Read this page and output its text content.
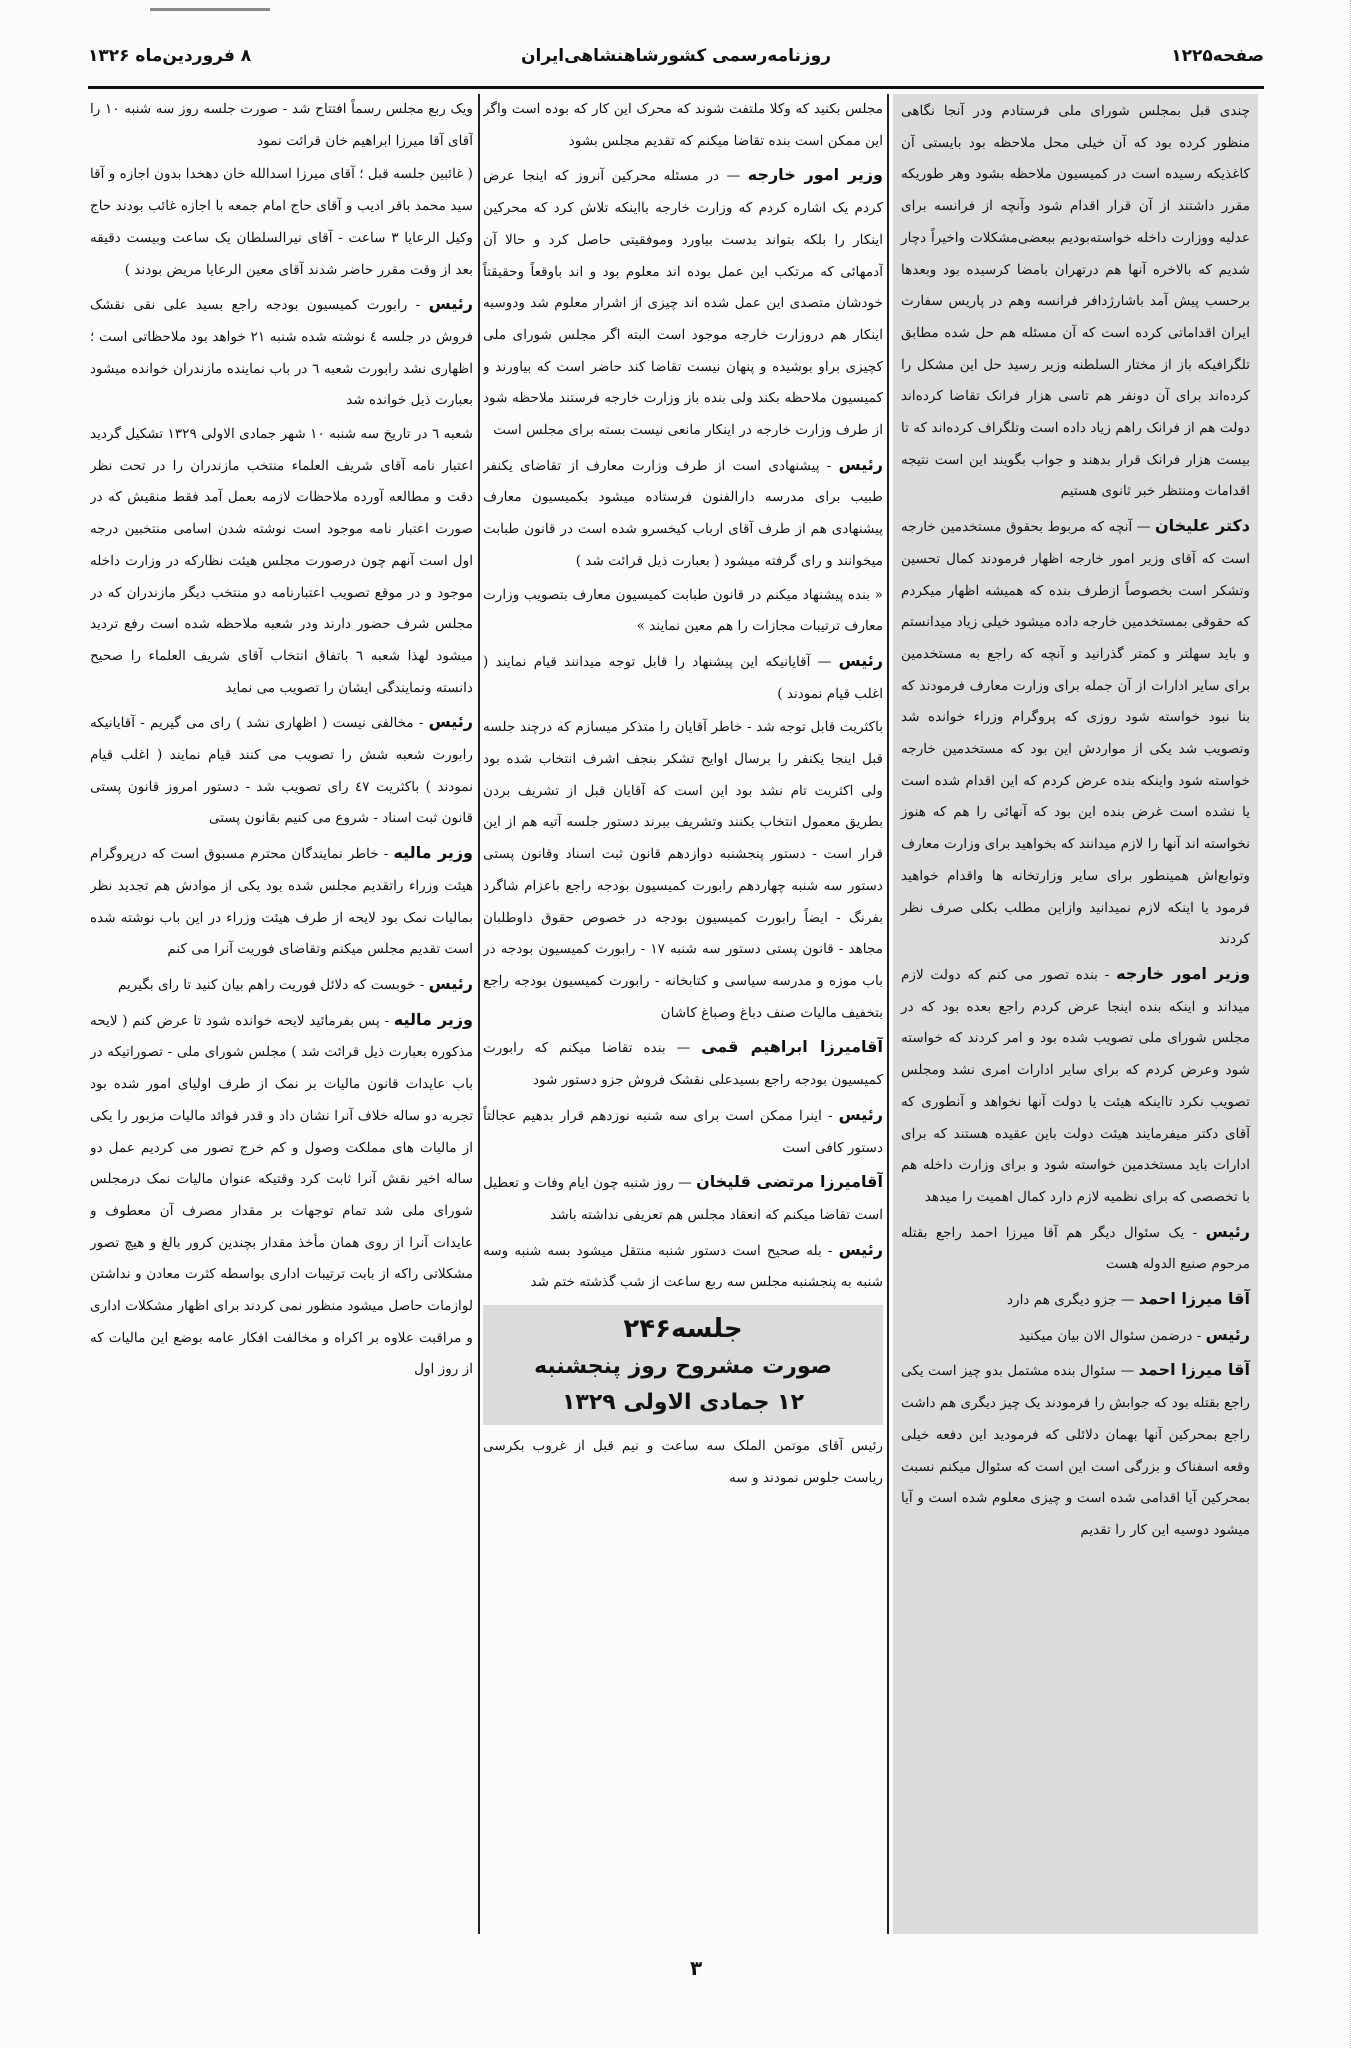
صفحه۱۲۲۵
روزنامه‌رسمی کشورشاهنشاهی‌ایران
۸ فروردین‌ماه ۱۳۲۶
چندی قبل بمجلس شورای ملی فرستادم ودر آنجا نگاهی منظور کرده بود که آن خیلی محل ملاحظه بود بایستی آن کاغذیکه رسیده است در کمیسیون ملاحظه بشود وهر طوریکه مقرر داشتند از آن قرار اقدام شود وآنچه از فرانسه برای عدلیه ووزارت داخله خواسته‌بودیم ببعضی‌مشکلات واخیراً دچار شدیم که بالاخره آنها هم درتهران بامضا کرسیده بود وبعدها برحسب پیش آمد باشارژدافر فرانسه وهم در پاریس سفارت ایران اقداماتی کرده است که آن مسئله هم حل شده مطابق تلگرافیکه باز از مختار السلطنه وزیر رسید حل این مشکل را کرده‌اند برای آن دونفر هم تاسی هزار فرانک تقاضا کرده‌اند دولت هم از فرانک راهم زیاد داده است وتلگراف کرده‌اند که تا بیست هزار فرانک قرار بدهند و جواب بگویند این است نتیجه اقدامات ومنتظر خبر ثانوی هستیم
دکتر علیخان — آنچه که مربوط بحقوق مستخدمین خارجه است که آقای وزیر امور خارجه اظهار فرمودند کمال تحسین وتشکر است بخصوصاً ازطرف بنده که همیشه اظهار میکردم که حقوقی بمستخدمین خارجه داده میشود خیلی زیاد میدانستم و باید سهلتر و کمتر گذرانید و آنچه که راجع به مستخدمین برای سایر ادارات از آن جمله برای وزارت معارف فرمودند که بنا نبود خواسته شود روزی که پروگرام وزراء خوانده شد وتصویب شد یکی از مواردش این بود که مستخدمین خارجه خواسته شود واینکه بنده عرض کردم که این اقدام شده است یا نشده است غرض بنده این بود که آنهائی را هم که هنوز نخواسته اند آنها را لازم میدانند که بخواهید برای وزارت معارف وتوابع‌اش همینطور برای سایر وزارتخانه ها واقدام خواهید فرمود یا اینکه لازم نمیدانید وازاین مطلب بکلی صرف نظر کردند
وزیر امور خارجه - بنده تصور می کنم که دولت لازم میداند و اینکه بنده اینجا عرض کردم راجع بعده بود که در مجلس شورای ملی تصویب شده بود و امر کردند که خواسته شود وعرض کردم که برای سایر ادارات امری نشد ومجلس تصویب نکرد تااینکه هیئت یا دولت آنها نخواهد و آنطوری که آقای دکتر میفرمایند هیئت دولت باین عقیده هستند که برای ادارات باید مستخدمین خواسته شود و برای وزارت داخله هم با تخصصی که برای نظمیه لازم دارد کمال اهمیت را میدهد
رئیس - یک سئوال دیگر هم آقا میرزا احمد راجع بقتله مرحوم صنیع الدوله هست
آقا میرزا احمد — جزو دیگری هم دارد
رئیس - درضمن سئوال الان بیان میکنید
آقا میرزا احمد — سئوال بنده مشتمل بدو چیز است یکی راجع بقتله بود که جوابش را فرمودند یک چیز دیگری هم داشت راجع بمحرکین آنها بهمان دلائلی که فرمودید این دفعه خیلی وقعه اسفناک و بزرگی است این است که سئوال میکنم نسبت بمحرکین آیا اقدامی شده است و چیزی معلوم شده است و آیا میشود دوسیه این کار را تقدیم
مجلس بکنید که وکلا ملتفت شوند که محرک این کار که بوده است واگر این ممکن است بنده تقاضا میکنم که تقدیم مجلس بشود
وزیر امور خارجه — در مسئله محرکین آنروز که اینجا عرض کردم یک اشاره کردم که وزارت خارجه بااینکه تلاش کرد که محرکین اینکار را بلکه بتواند بدست بیاورد وموفقیتی حاصل کرد و حالا آن آدمهائی که مرتکب این عمل بوده اند معلوم بود و اند باوقعاً وحقیقتاً خودشان متصدی این عمل شده اند چیزی از اشرار معلوم شد ودوسیه اینکار هم دروزارت خارجه موجود است البته اگر مجلس شورای ملی کچیزی براو بوشیده و پنهان نیست تقاضا کند حاضر است که بیاورند و کمیسیون ملاحظه بکند ولی بنده باز وزارت خارجه فرستند ملاحظه شود از طرف وزارت خارجه در اینکار مانعی نیست بسته برای مجلس است
رئیس - پیشنهادی است از طرف وزارت معارف از تقاضای یکنفر طبیب برای مدرسه دارالفنون فرستاده میشود بکمیسیون معارف پیشنهادی هم از طرف آقای ارباب کیخسرو شده است در قانون طبابت میخوانند و رای گرفته میشود ( بعبارت ذیل قرائت شد )
« بنده پیشنهاد میکنم در قانون طبابت کمیسیون معارف بتصویب وزارت معارف ترتیبات مجازات را هم معین نمایند »
رئیس — آقایانیکه این پیشنهاد را قابل توجه میدانند قیام نمایند ( اغلب قیام نمودند )
باکثریت قابل توجه شد - خاطر آقایان را متذکر میسازم که درچند جلسه قبل اینجا یکنفر را برسال اوایح تشکر بنجف اشرف انتخاب شده بود ولی اکثریت تام نشد بود این است که آقایان قبل از تشریف بردن بطریق معمول انتخاب بکنند وتشریف ببرند دستور جلسه آتیه هم از این قرار است - دستور پنجشنبه دوازدهم قانون ثبت اسناد وقانون پستی دستور سه شنبه چهاردهم رابورت کمیسیون بودجه راجع باعزام شاگرد بفرنگ - ایضاً رابورت کمیسیون بودجه در خصوص حقوق داوطلبان مجاهد - قانون پستی دستور سه شنبه ۱۷ - رابورت کمیسیون بودجه در باب موزه و مدرسه سیاسی و کتابخانه - رابورت کمیسیون بودجه راجع بتخفیف مالیات صنف دباغ وصباغ کاشان
آقامیرزا ابراهیم قمی — بنده تقاضا میکنم که رابورت کمیسیون بودجه راجع بسیدعلی نقشک فروش جزو دستور شود
رئیس - اینرا ممکن است برای سه شنبه نوزدهم قرار بدهیم عجالتاً دستور کافی است
آقامیرزا مرتضی قلیخان — روز شنبه چون ایام وفات و تعطیل است تقاضا میکنم که انعقاد مجلس هم تعریفی نداشته باشد
رئیس - بله صحیح است دستور شنبه منتقل میشود بسه شنبه وسه شنبه به پنجشنبه مجلس سه ربع ساعت از شب گذشته ختم شد
جلسه۲۴۶
صورت مشروح روز پنجشنبه
۱۲ جمادی الاولی ۱۳۲۹
رئیس آقای موتمن الملک سه ساعت و نیم قبل از غروب بکرسی ریاست جلوس نمودند و سه
ویک ربع مجلس رسماً افتتاح شد - صورت جلسه روز سه شنبه ۱۰ را آقای آقا میرزا ابراهیم خان قرائت نمود
( غائبین جلسه قبل ؛ آقای میرزا اسدالله خان دهخدا بدون اجازه و آقا سید محمد باقر ادیب و آقای حاج امام جمعه با اجازه غائب بودند حاج وکیل الرعایا ۳ ساعت - آقای نیرالسلطان یک ساعت وبیست دقیقه بعد از وقت مقرر حاضر شدند آقای معین الرعایا مریض بودند )
رئیس - رابورت کمیسیون بودجه راجع بسید علی نقی نقشک فروش در جلسه ٤ نوشته شده شنبه ۲۱ خواهد بود ملاحظاتی است ؛ اظهاری نشد رابورت شعبه ٦ در باب نماینده مازندران خوانده میشود بعبارت ذیل خوانده شد
شعبه ٦ در تاریخ سه شنبه ۱۰ شهر جمادی الاولی ۱۳۲۹ تشکیل گردید اعتبار نامه آقای شریف العلماء منتخب مازندران را در تحت نظر دقت و مطالعه آورده ملاحظات لازمه بعمل آمد فقط منقیش که در صورت اعتبار نامه موجود است نوشته شدن اسامی منتخبین درجه اول است آنهم چون درصورت مجلس هیئت نظارکه در وزارت داخله موجود و در موقع تصویب اعتبارنامه دو منتخب دیگر مازندران که در مجلس شرف حضور دارند ودر شعبه ملاحظه شده است رفع تردید میشود لهذا شعبه ٦ باتفاق انتخاب آقای شریف العلماء را صحیح دانسته ونمایندگی ایشان را تصویب می نماید
رئیس - مخالفی نیست ( اظهاری نشد ) رای می گیریم - آقایانیکه رابورت شعبه شش را تصویب می کنند قیام نمایند ( اغلب قیام نمودند ) باکثریت ٤۷ رای تصویب شد - دستور امروز قانون پستی قانون ثبت اسناد - شروع می کنیم بقانون پستی
وزیر مالیه - خاطر نمایندگان محترم مسبوق است که درپروگرام هیئت وزراء راتقدیم مجلس شده بود یکی از موادش هم تجدید نظر بمالیات نمک بود لایحه از طرف هیئت وزراء در این باب نوشته شده است تقدیم مجلس میکنم وتقاضای فوریت آنرا می کنم
رئیس - خوبست که دلائل فوریت راهم بیان کنید تا رای بگیریم
وزیر مالیه - پس بفرمائید لایحه خوانده شود تا عرض کنم ( لایحه مذکوره بعبارت ذیل قرائت شد ) مجلس شورای ملی - تصوراتیکه در باب عایدات قانون مالیات بر نمک از طرف اولیای امور شده بود تجربه دو ساله خلاف آنرا نشان داد و قدر فوائد مالیات مزبور را یکی از مالیات های مملکت وصول و کم خرج تصور می کردیم عمل دو ساله اخیر نقش آنرا ثابت کرد وقتیکه عنوان مالیات نمک درمجلس شورای ملی شد تمام توجهات بر مقدار مصرف آن معطوف و عایدات آنرا از روی همان مأخذ مقدار بچندین کرور بالغ و هیچ تصور مشکلاتی راکه از بابت ترتیبات اداری بواسطه کثرت معادن و نداشتن لوازمات حاصل میشود منظور نمی کردند برای اظهار مشکلات اداری و مراقبت علاوه بر اکراه و مخالفت افکار عامه بوضع این مالیات که از روز اول
۳
